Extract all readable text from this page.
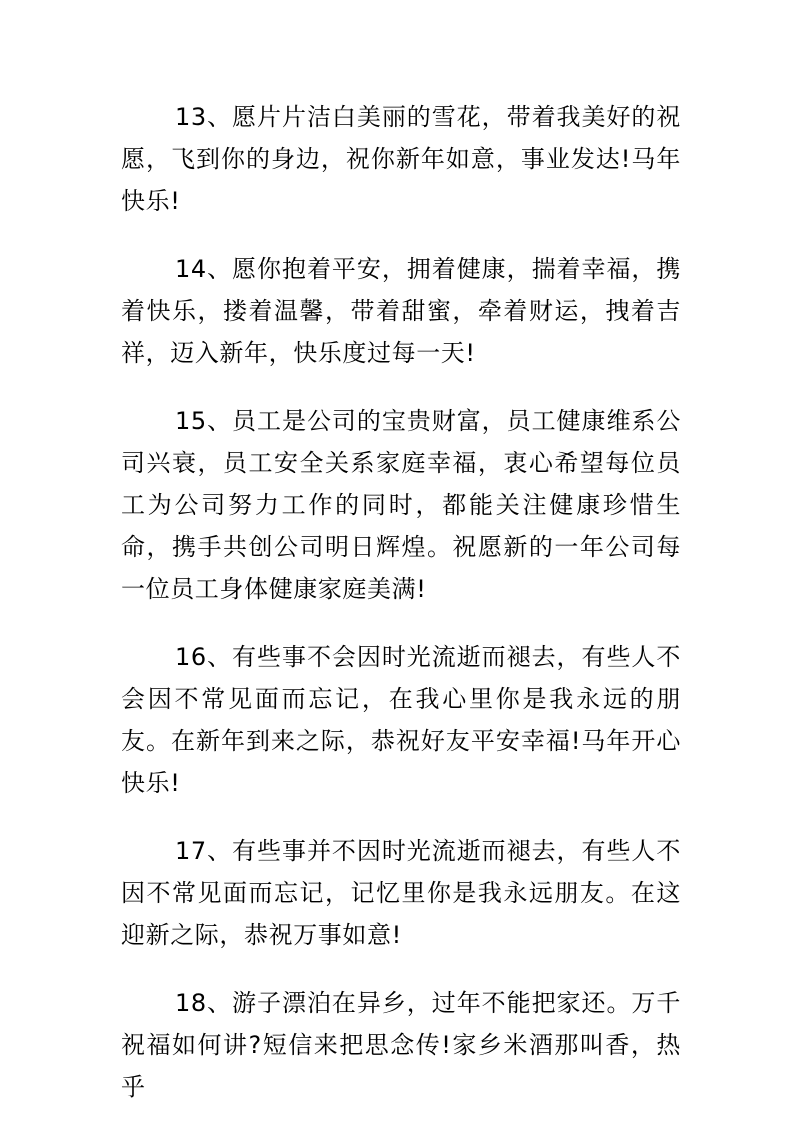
13、愿片片洁白美丽的雪花，带着我美好的祝愿，飞到你的身边，祝你新年如意，事业发达!马年快乐!

14、愿你抱着平安，拥着健康，揣着幸福，携着快乐，搂着温馨，带着甜蜜，牵着财运，拽着吉祥，迈入新年，快乐度过每一天!

15、员工是公司的宝贵财富，员工健康维系公司兴衰，员工安全关系家庭幸福，衷心希望每位员工为公司努力工作的同时，都能关注健康珍惜生命，携手共创公司明日辉煌。祝愿新的一年公司每一位员工身体健康家庭美满!

16、有些事不会因时光流逝而褪去，有些人不会因不常见面而忘记，在我心里你是我永远的朋友。在新年到来之际，恭祝好友平安幸福!马年开心快乐!

17、有些事并不因时光流逝而褪去，有些人不因不常见面而忘记，记忆里你是我永远朋友。在这迎新之际，恭祝万事如意!

18、游子漂泊在异乡，过年不能把家还。万千祝福如何讲?短信来把思念传!家乡米酒那叫香，热乎
